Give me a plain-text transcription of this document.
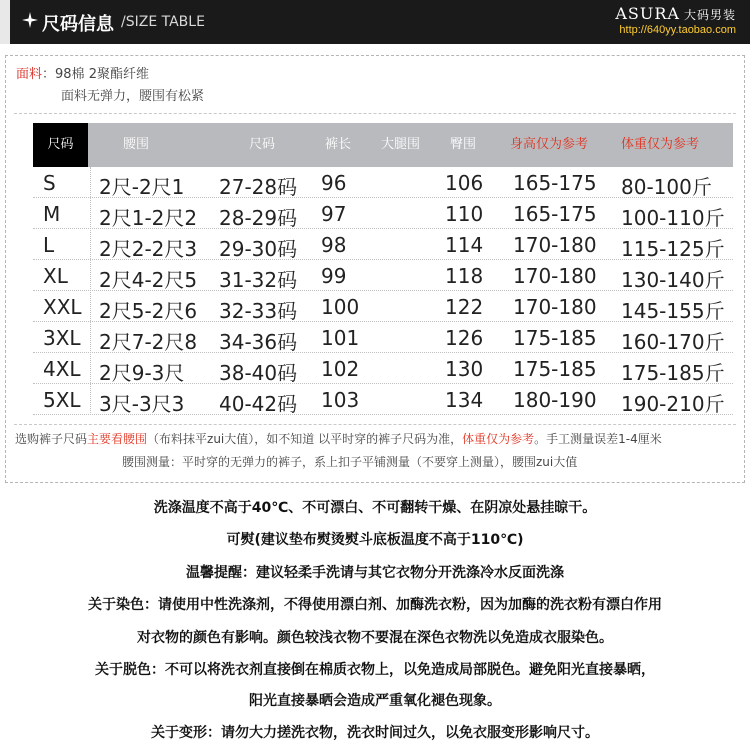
尺码信息 /SIZE TABLE	ASURA 大码男装
http://640yy.taobao.com
面料：98棉 2聚酯纤维
面料无弹力，腰围有松紧
尺码	腰围	尺码	裤长 大腿围 臀围	身高仅为参考	体重仅为参考
S 2尺-2尺1 27-28码 96	106 165-175 80-100斤
M 2尺1-2尺2 28-29码 97	110 165-175 100-110斤
L 2尺2-2尺3 29-30码 98	114 170-180 115-125斤
XL 2尺4-2尺5 31-32码 99	118 170-180 130-140斤
XXL 2尺5-2尺6 32-33码 100	122 170-180 145-155斤
3XL 2尺7-2尺8 34-36码 101	126 175-185 160-170斤
4XL 2尺9-3尺 38-40码 102	130 175-185 175-185斤
5XL 3尺-3尺3 40-42码 103	134 180-190 190-210斤
选购裤子尺码主要看腰围（布料抹平zui大值），如不知道 以平时穿的裤子尺码为准，体重仅为参考。手工测量误差1-4厘米
腰围测量：平时穿的无弹力的裤子，系上扣子平铺测量（不要穿上测量），腰围zui大值

洗涤温度不高于40℃、不可漂白、不可翻转干燥、在阴凉处悬挂晾干。

可熨(建议垫布熨烫熨斗底板温度不高于110℃)

温馨提醒：建议轻柔手洗请与其它衣物分开洗涤冷水反面洗涤

关于染色：请使用中性洗涤剂，不得使用漂白剂、加酶洗衣粉，因为加酶的洗衣粉有漂白作用

对衣物的颜色有影响。颜色较浅衣物不要混在深色衣物洗以免造成衣服染色。

关于脱色：不可以将洗衣剂直接倒在棉质衣物上，以免造成局部脱色。避免阳光直接暴晒，

阳光直接暴晒会造成严重氧化褪色现象。

关于变形：请勿大力搓洗衣物，洗衣时间过久，以免衣服变形影响尺寸。
